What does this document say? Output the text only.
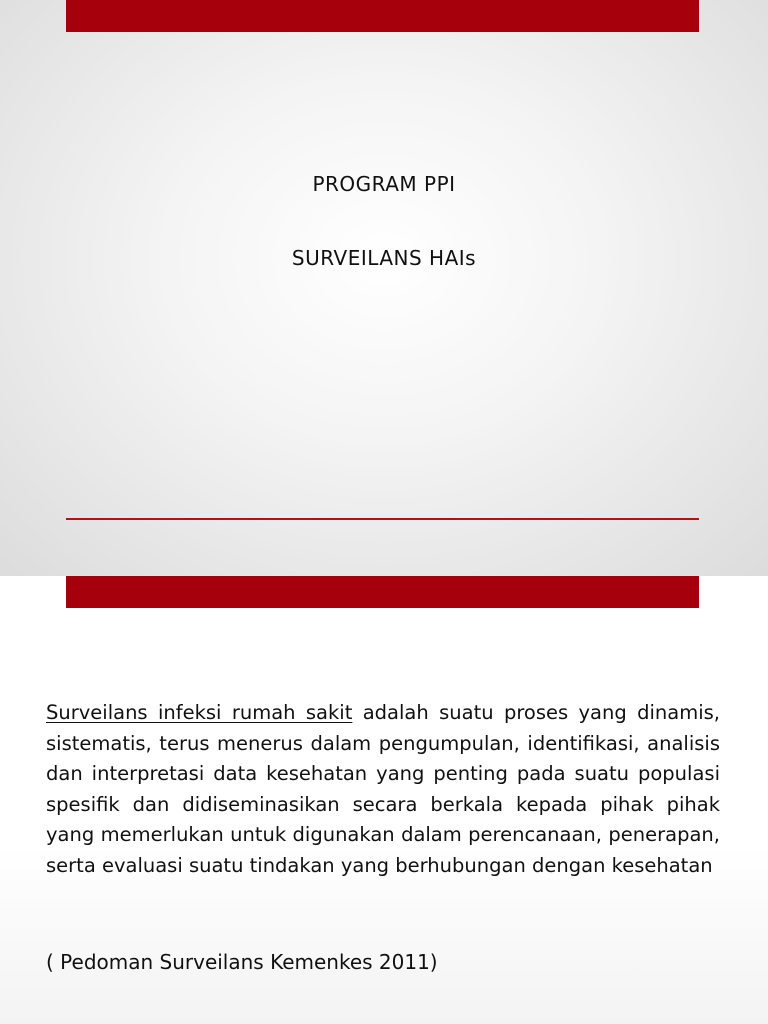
PROGRAM PPI
SURVEILANS HAIs
Surveilans infeksi rumah sakit adalah suatu proses yang dinamis, sistematis, terus menerus dalam pengumpulan, identifikasi, analisis dan interpretasi data kesehatan yang penting pada suatu populasi spesifik dan didiseminasikan secara berkala kepada pihak pihak yang memerlukan untuk digunakan dalam perencanaan, penerapan, serta evaluasi suatu tindakan yang berhubungan dengan kesehatan
( Pedoman Surveilans Kemenkes 2011)
